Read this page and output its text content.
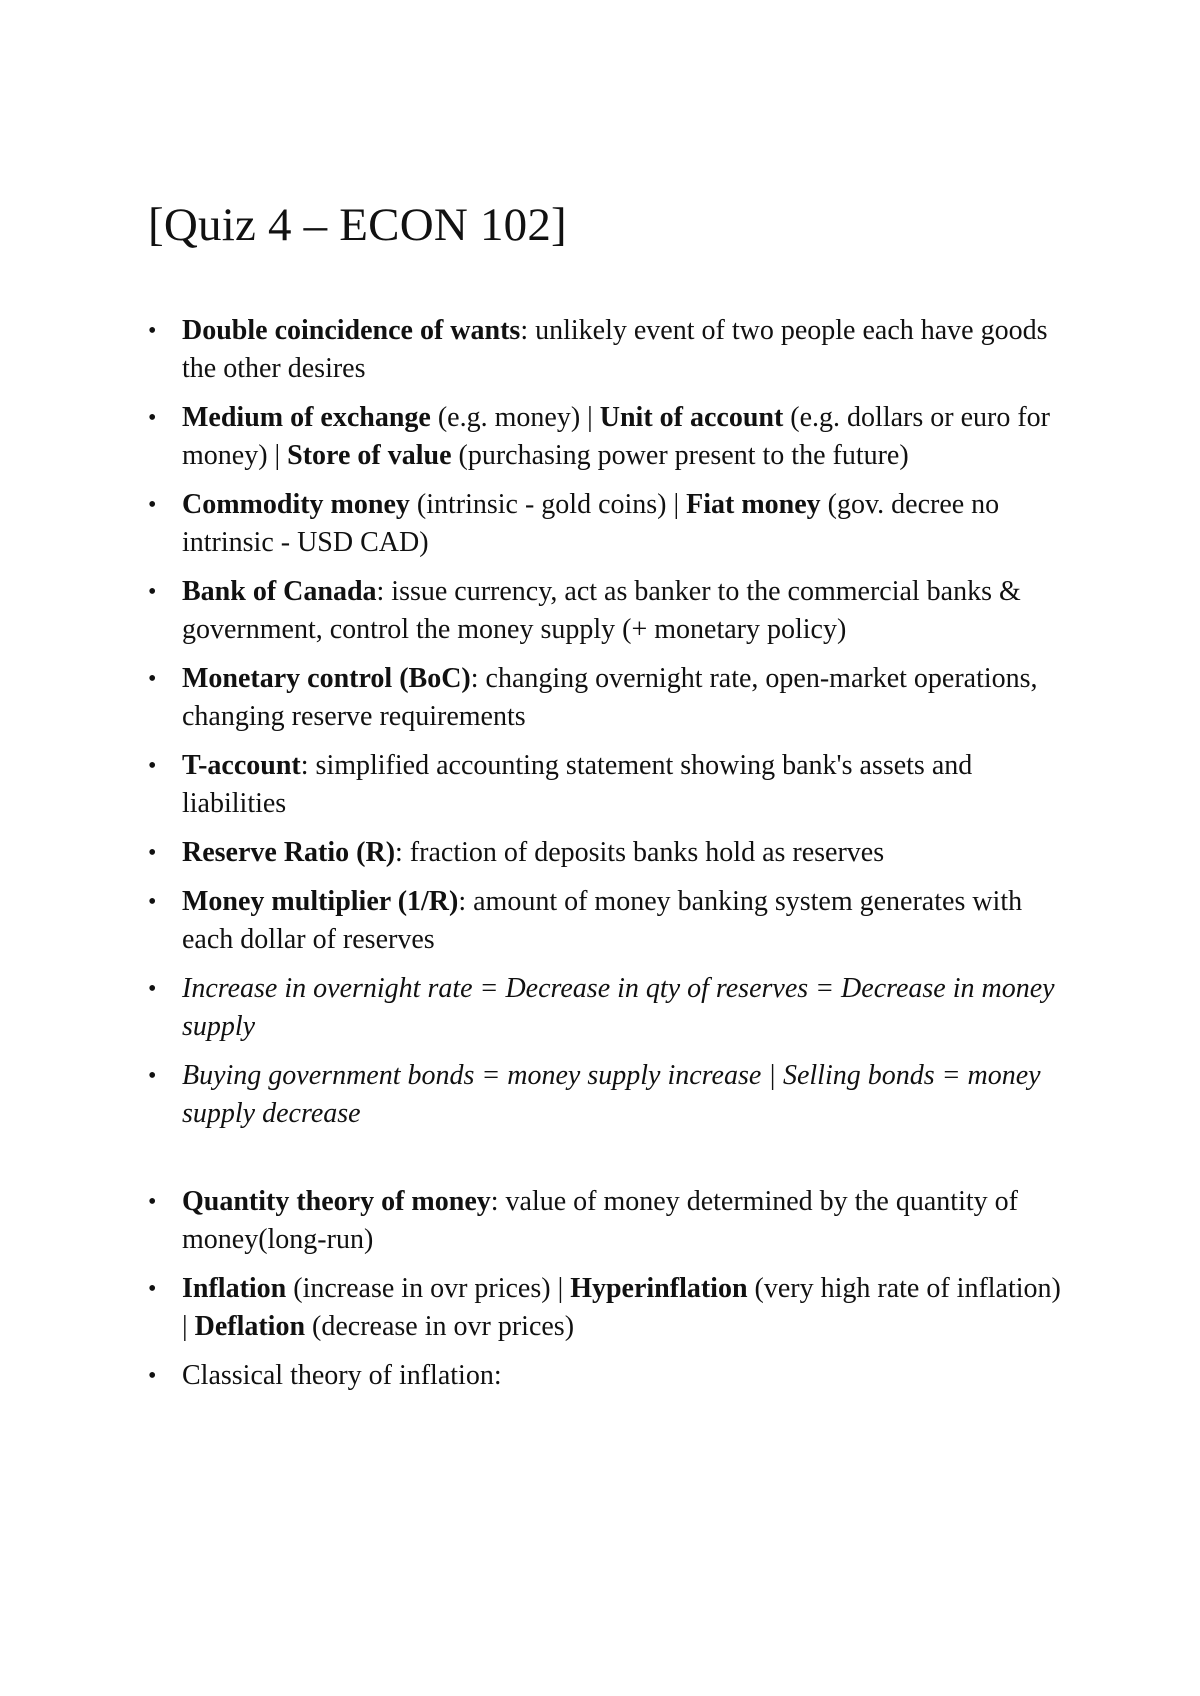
[Quiz 4 – ECON 102]
• Double coincidence of wants: unlikely event of two people each have goods the other desires
• Medium of exchange (e.g. money) | Unit of account (e.g. dollars or euro for money) | Store of value (purchasing power present to the future)
• Commodity money (intrinsic - gold coins) | Fiat money (gov. decree no intrinsic - USD CAD)
• Bank of Canada: issue currency, act as banker to the commercial banks & government, control the money supply (+ monetary policy)
• Monetary control (BoC): changing overnight rate, open-market operations, changing reserve requirements
• T-account: simplified accounting statement showing bank's assets and liabilities
• Reserve Ratio (R): fraction of deposits banks hold as reserves
• Money multiplier (1/R): amount of money banking system generates with each dollar of reserves
• Increase in overnight rate = Decrease in qty of reserves = Decrease in money supply
• Buying government bonds = money supply increase | Selling bonds = money supply decrease
• Quantity theory of money: value of money determined by the quantity of money(long-run)
• Inflation (increase in ovr prices) | Hyperinflation (very high rate of inflation) | Deflation (decrease in ovr prices)
• Classical theory of inflation:
